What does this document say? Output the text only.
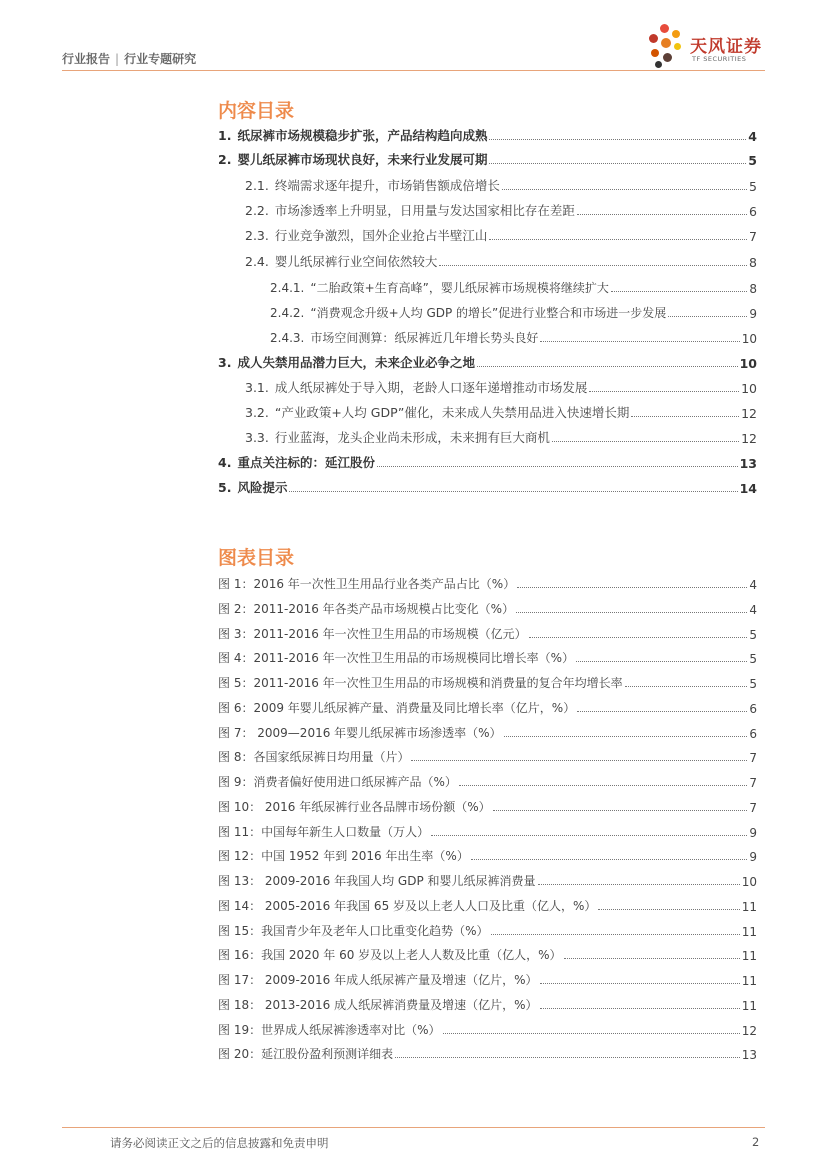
行业报告 | 行业专题研究
天风证券
TF SECURITIES
内容目录
1. 纸尿裤市场规模稳步扩张，产品结构趋向成熟	4
2. 婴儿纸尿裤市场现状良好，未来行业发展可期	5
2.1. 终端需求逐年提升，市场销售额成倍增长	5
2.2. 市场渗透率上升明显，日用量与发达国家相比存在差距	6
2.3. 行业竞争激烈，国外企业抢占半壁江山	7
2.4. 婴儿纸尿裤行业空间依然较大	8
2.4.1. “二胎政策+生育高峰”，婴儿纸尿裤市场规模将继续扩大	8
2.4.2. “消费观念升级+人均 GDP 的增长”促进行业整合和市场进一步发展	9
2.4.3. 市场空间测算：纸尿裤近几年增长势头良好	10
3. 成人失禁用品潜力巨大，未来企业必争之地	10
3.1. 成人纸尿裤处于导入期，老龄人口逐年递增推动市场发展	10
3.2. “产业政策+人均 GDP”催化，未来成人失禁用品进入快速增长期	12
3.3. 行业蓝海，龙头企业尚未形成，未来拥有巨大商机	12
4. 重点关注标的：延江股份	13
5. 风险提示	14
图表目录
图 1：2016 年一次性卫生用品行业各类产品占比（%）	4
图 2：2011-2016 年各类产品市场规模占比变化（%）	4
图 3：2011-2016 年一次性卫生用品的市场规模（亿元）	5
图 4：2011-2016 年一次性卫生用品的市场规模同比增长率（%）	5
图 5：2011-2016 年一次性卫生用品的市场规模和消费量的复合年均增长率	5
图 6：2009 年婴儿纸尿裤产量、消费量及同比增长率（亿片，%）	6
图 7： 2009—2016 年婴儿纸尿裤市场渗透率（%）	6
图 8：各国家纸尿裤日均用量（片）	7
图 9：消费者偏好使用进口纸尿裤产品（%）	7
图 10： 2016 年纸尿裤行业各品牌市场份额（%）	7
图 11：中国每年新生人口数量（万人）	9
图 12：中国 1952 年到 2016 年出生率（%）	9
图 13： 2009-2016 年我国人均 GDP 和婴儿纸尿裤消费量	10
图 14： 2005-2016 年我国 65 岁及以上老人人口及比重（亿人，%）	11
图 15：我国青少年及老年人口比重变化趋势（%）	11
图 16：我国 2020 年 60 岁及以上老人人数及比重（亿人，%）	11
图 17： 2009-2016 年成人纸尿裤产量及增速（亿片，%）	11
图 18： 2013-2016 成人纸尿裤消费量及增速（亿片，%）	11
图 19：世界成人纸尿裤渗透率对比（%）	12
图 20：延江股份盈利预测详细表	13
请务必阅读正文之后的信息披露和免责申明	2
